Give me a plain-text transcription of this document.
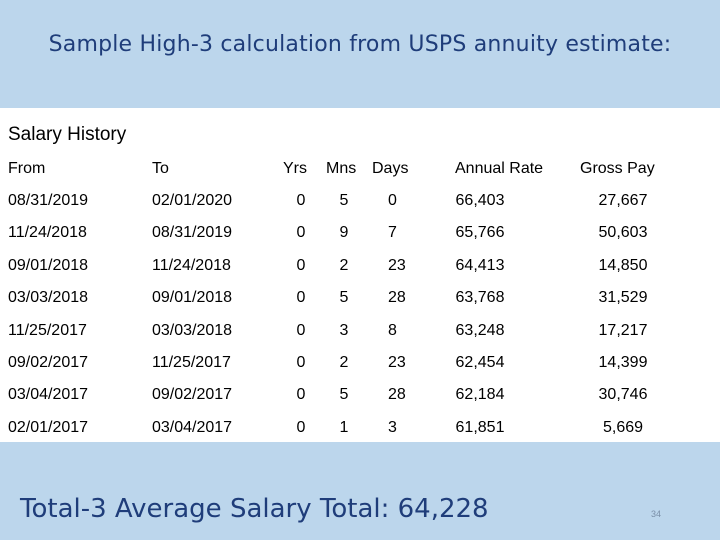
Sample High-3 calculation from USPS annuity estimate:
Salary History
From	To	Yrs Mns Days	Annual Rate Gross Pay
08/31/2019	02/01/2020	0 5 0	66,403	27,667
11/24/2018	08/31/2019	0 9 7	65,766	50,603
09/01/2018	11/24/2018	0 2 23	64,413	14,850
03/03/2018	09/01/2018	0 5 28	63,768	31,529
11/25/2017	03/03/2018	0 3 8	63,248	17,217
09/02/2017	11/25/2017	0 2 23	62,454	14,399
03/04/2017	09/02/2017	0 5 28	62,184	30,746
02/01/2017	03/04/2017	0 1 3	61,851	5,669
Total-3 Average Salary Total: 64,228	34
